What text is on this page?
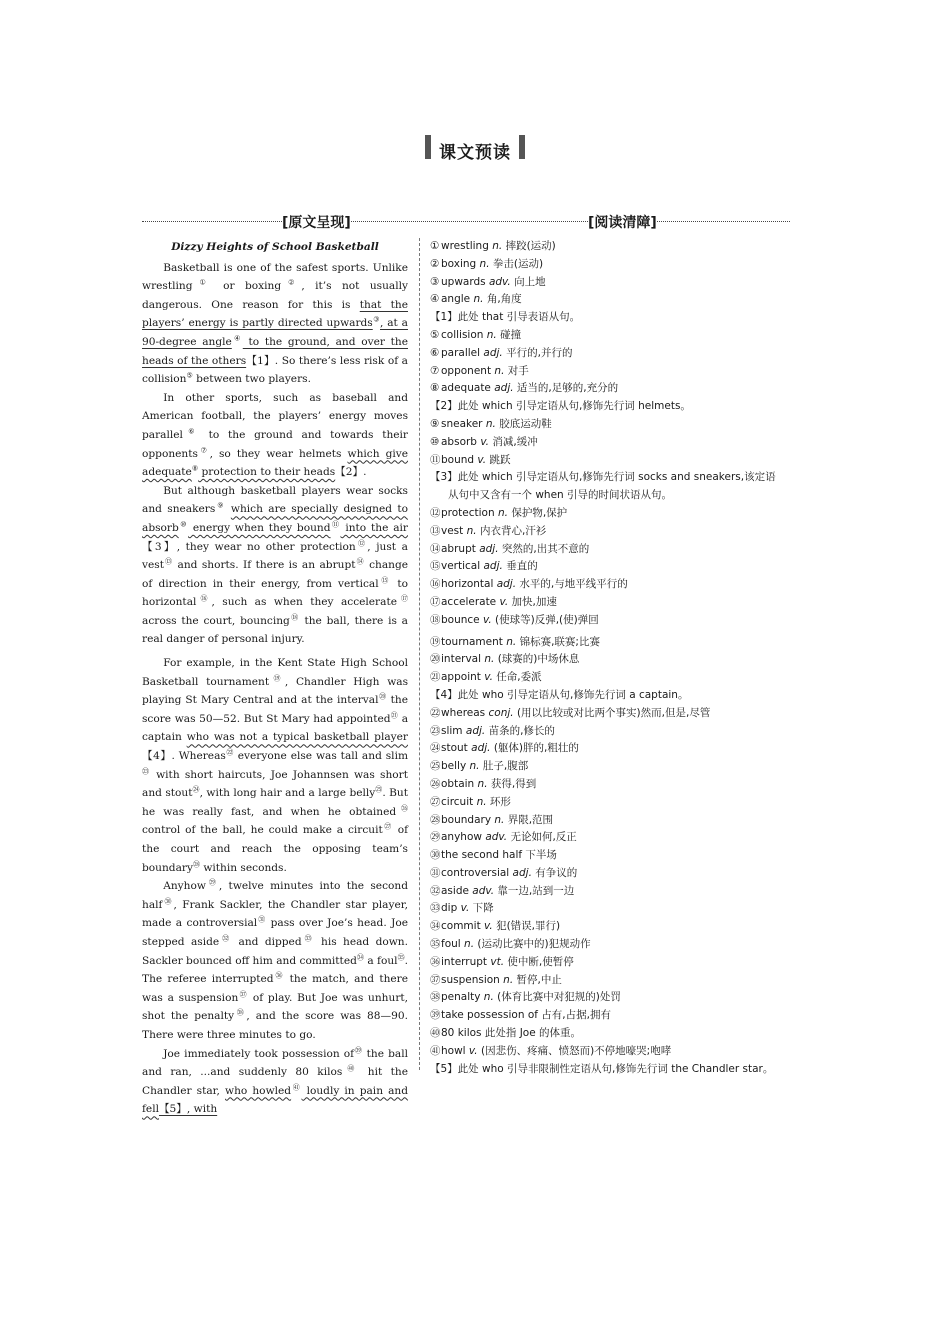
课文预读
[原文呈现]	[阅读清障]
Dizzy Heights of School Basketball

Basketball is one of the safest sports. Unlike wrestling① or boxing②, it’s not usually dangerous. One reason for this is that the players’ energy is partly directed upwards③, at a 90-degree angle④ to the ground, and over the heads of the others【1】. So there’s less risk of a collision⑤ between two players.

In other sports, such as baseball and American football, the players’ energy moves parallel⑥ to the ground and towards their opponents⑦, so they wear helmets which give adequate⑧ protection to their heads【2】.

But although basketball players wear socks and sneakers⑨ which are specially designed to absorb⑩ energy when they bound⑪ into the air【3】, they wear no other protection⑫, just a vest⑬ and shorts. If there is an abrupt⑭ change of direction in their energy, from vertical⑮ to horizontal⑯, such as when they accelerate⑰ across the court, bouncing⑱ the ball, there is a real danger of personal injury.

For example, in the Kent State High School Basketball tournament⑲, Chandler High was playing St Mary Central and at the interval⑳ the score was 50—52. But St Mary had appointed$^㉑$ a captain who was not a typical basketball player【4】. Whereas$^㉒$ everyone else was tall and slim$^㉓$ with short haircuts, Joe Johannsen was short and stout$^㉔$, with long hair and a large belly$^㉕$. But he was really fast, and when he obtained$^㉖$ control of the ball, he could make a circuit$^㉗$ of the court and reach the opposing team’s boundary$^㉘$ within seconds.

Anyhow$^㉙$, twelve minutes into the second half$^㉚$, Frank Sackler, the Chandler star player, made a controversial$^㉛$ pass over Joe’s head. Joe stepped aside$^㉜$ and dipped$^㉝$ his head down. Sackler bounced off him and committed$^㉞$ a foul$^㉟$. The referee interrupted$^㊱$ the match, and there was a suspension$^㊲$ of play. But Joe was unhurt, shot the penalty$^㊳$, and the score was 88—90. There were three minutes to go.

Joe immediately took possession $of^㊴$ the ball and ran, ...and suddenly 80 kilos$^㊵$ hit the Chandler star, who howled$^㊶$ loudly in pain and fell【5】, with

① wrestling n. 摔跤(运动)
② boxing n. 拳击(运动)
③ upwards adv. 向上地
④ angle n. 角,角度
【1】此处 that 引导表语从句。
⑤ collision n. 碰撞
⑥ parallel adj. 平行的,并行的
⑦ opponent n. 对手
⑧ adequate adj. 适当的,足够的,充分的
【2】此处 which 引导定语从句,修饰先行词 helmets。
⑨ sneaker n. 胶底运动鞋
⑩ absorb v. 消减,缓冲
⑪bound v. 跳跃
【3】此处 which 引导定语从句,修饰先行词 socks and sneakers,该定语
从句中又含有一个 when 引导的时间状语从句。
⑫protection n. 保护物,保护
⑬vest n. 内衣背心,汗衫
⑭abrupt adj. 突然的,出其不意的
⑮vertical adj. 垂直的
⑯horizontal adj. 水平的,与地平线平行的
⑰accelerate v. 加快,加速
⑱bounce v. (使球等)反弹,(使)弹回
⑲tournament n. 锦标赛,联赛;比赛
⑳interval n. (球赛的)中场休息
㉑appoint v. 任命,委派
【4】此处 who 引导定语从句,修饰先行词 a captain。
㉒whereas conj. (用以比较或对比两个事实)然而,但是,尽管
㉓slim adj. 苗条的,修长的
㉔stout adj. (躯体)胖的,粗壮的
㉕belly n. 肚子,腹部
㉖obtain n. 获得,得到
㉗circuit n. 环形
㉘boundary n. 界限,范围
㉙anyhow adv. 无论如何,反正
㉚the second half 下半场
㉛controversial adj. 有争议的
㉜aside adv. 靠一边,站到一边
㉝dip v. 下降
㉞commit v. 犯(错误,罪行)
㉟foul n. (运动比赛中的)犯规动作
㊱interrupt vt. 使中断,使暂停
㊲suspension n. 暂停,中止
㊳penalty n. (体育比赛中对犯规的)处罚
㊴take possession of 占有,占据,拥有
㊵80 kilos 此处指 Joe 的体重。
㊶howl v. (因悲伤、疼痛、愤怒而)不停地嚎哭;咆哮
【5】此处 who 引导非限制性定语从句,修饰先行词 the Chandler star。
